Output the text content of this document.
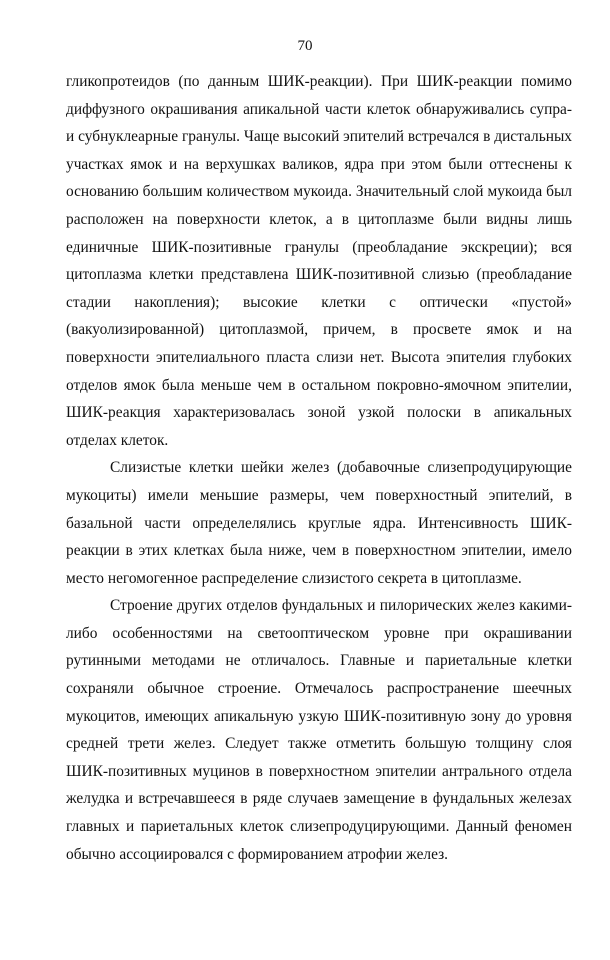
70

гликопротеидов (по данным ШИК-реакции). При ШИК-реакции помимо диффузного окрашивания апикальной части клеток обнаруживались супра- и субнуклеарные гранулы. Чаще высокий эпителий встречался в дистальных участках ямок и на верхушках валиков, ядра при этом были оттеснены к основанию большим количеством мукоида. Значительный слой мукоида был расположен на поверхности клеток, а в цитоплазме были видны лишь единичные ШИК-позитивные гранулы (преобладание экскреции); вся цитоплазма клетки представлена ШИК-позитивной слизью (преобладание стадии накопления); высокие клетки с оптически «пустой» (вакуолизированной) цитоплазмой, причем, в просвете ямок и на поверхности эпителиального пласта слизи нет. Высота эпителия глубоких отделов ямок была меньше чем в остальном покровно-ямочном эпителии, ШИК-реакция характеризовалась зоной узкой полоски в апикальных отделах клеток.

Слизистые клетки шейки желез (добавочные слизепродуцирующие мукоциты) имели меньшие размеры, чем поверхностный эпителий, в базальной части определелялись круглые ядра. Интенсивность ШИК-реакции в этих клетках была ниже, чем в поверхностном эпителии, имело место негомогенное распределение слизистого секрета в цитоплазме.

Строение других отделов фундальных и пилорических желез какими-либо особенностями на светооптическом уровне при окрашивании рутинными методами не отличалось. Главные и париетальные клетки сохраняли обычное строение. Отмечалось распространение шеечных мукоцитов, имеющих апикальную узкую ШИК-позитивную зону до уровня средней трети желез. Следует также отметить большую толщину слоя ШИК-позитивных муцинов в поверхностном эпителии антрального отдела желудка и встречавшееся в ряде случаев замещение в фундальных железах главных и париетальных клеток слизепродуцирующими. Данный феномен обычно ассоциировался с формированием атрофии желез.
